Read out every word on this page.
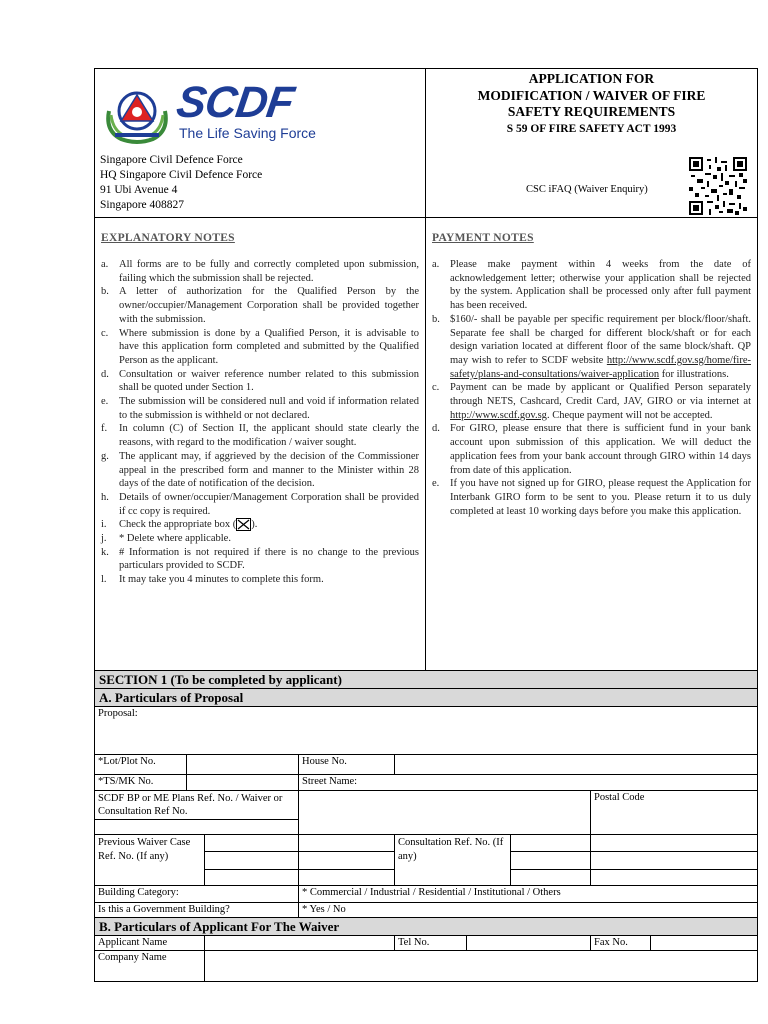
SCDF
The Life Saving Force
Singapore Civil Defence Force
HQ Singapore Civil Defence Force
91 Ubi Avenue 4
Singapore 408827
APPLICATION FOR
MODIFICATION / WAIVER OF FIRE
SAFETY REQUIREMENTS
S 59 OF FIRE SAFETY ACT 1993
CSC iFAQ (Waiver Enquiry)
EXPLANATORY NOTES
a.	All forms are to be fully and correctly completed upon submission, failing which the submission shall be rejected.
b. A letter of authorization for the Qualified Person by the owner/occupier/Management Corporation shall be provided together with the submission.
c.	Where submission is done by a Qualified Person, it is advisable to have this application form completed and submitted by the Qualified Person as the applicant.
d. Consultation or waiver reference number related to this submission shall be quoted under Section 1.
e.	The submission will be considered null and void if information related to the submission is withheld or not declared.
f.	In column (C) of Section II, the applicant should state clearly the reasons, with regard to the modification / waiver sought.
g. The applicant may, if aggrieved by the decision of the Commissioner appeal in the prescribed form and manner to the Minister within 28 days of the date of notification of the decision.
h. Details of owner/occupier/Management Corporation shall be provided if cc copy is required.
i.	Check the appropriate box ( ).
j.	* Delete where applicable.
k. # Information is not required if there is no change to the previous particulars provided to SCDF.
l.	It may take you 4 minutes to complete this form.
PAYMENT NOTES
a.	Please make payment within 4 weeks from the date of acknowledgement letter; otherwise your application shall be rejected by the system. Application shall be processed only after full payment has been received.
b. $160/- shall be payable per specific requirement per block/floor/shaft. Separate fee shall be charged for different block/shaft or for each design variation located at different floor of the same block/shaft. QP may wish to refer to SCDF website http://www.scdf.gov.sg/home/fire-safety/plans-and-consultations/waiver-application for illustrations.
c.	Payment can be made by applicant or Qualified Person separately through NETS, Cashcard, Credit Card, JAV, GIRO or via internet at http://www.scdf.gov.sg. Cheque payment will not be accepted.
d. For GIRO, please ensure that there is sufficient fund in your bank account upon submission of this application. We will deduct the application fees from your bank account through GIRO within 14 days from date of this application.
e.	If you have not signed up for GIRO, please request the Application for Interbank GIRO form to be sent to you. Please return it to us duly completed at least 10 working days before you make this application.
SECTION 1 (To be completed by applicant)
A. Particulars of Proposal
Proposal:
*Lot/Plot No.	House No.
*TS/MK No.	Street Name:
SCDF BP or ME Plans Ref. No. / Waiver or Consultation Ref No.
Postal Code
Previous Waiver Case Ref. No. (If any)
Consultation Ref. No. (If any)
Building Category:	* Commercial / Industrial / Residential / Institutional / Others
Is this a Government Building?	* Yes / No
B. Particulars of Applicant For The Waiver
Applicant Name	Tel No.	Fax No.
Company Name
